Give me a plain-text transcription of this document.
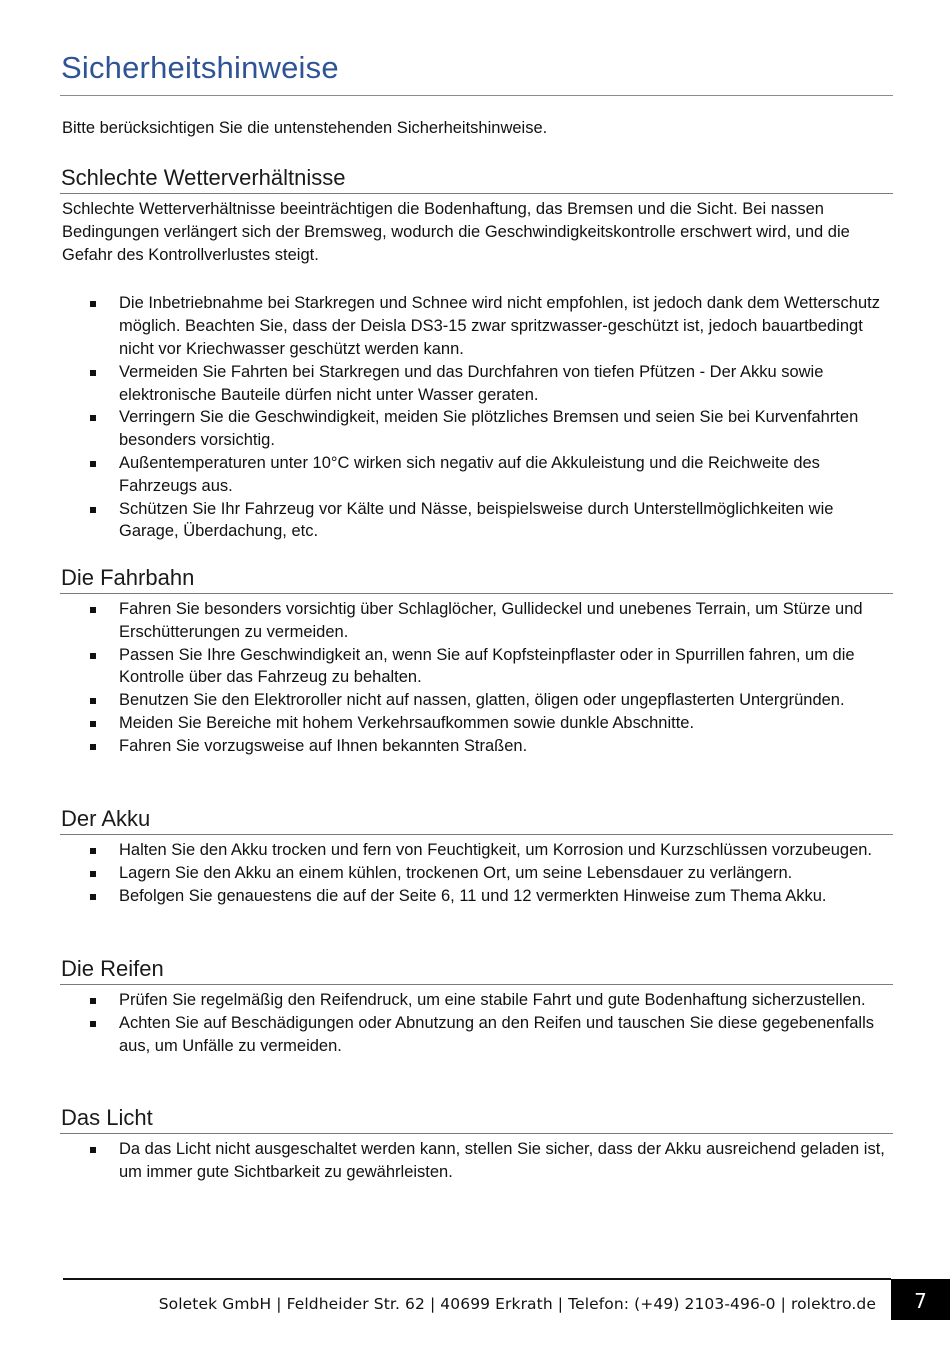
Sicherheitshinweise

Bitte berücksichtigen Sie die untenstehenden Sicherheitshinweise.

Schlechte Wetterverhältnisse

Schlechte Wetterverhältnisse beeinträchtigen die Bodenhaftung, das Bremsen und die Sicht. Bei nassen Bedingungen verlängert sich der Bremsweg, wodurch die Geschwindigkeitskontrolle erschwert wird, und die Gefahr des Kontrollverlustes steigt.

Die Inbetriebnahme bei Starkregen und Schnee wird nicht empfohlen, ist jedoch dank dem Wetterschutz möglich. Beachten Sie, dass der Deisla DS3-15 zwar spritzwasser-geschützt ist, jedoch bauartbedingt nicht vor Kriechwasser geschützt werden kann.
Vermeiden Sie Fahrten bei Starkregen und das Durchfahren von tiefen Pfützen - Der Akku sowie elektronische Bauteile dürfen nicht unter Wasser geraten.
Verringern Sie die Geschwindigkeit, meiden Sie plötzliches Bremsen und seien Sie bei Kurvenfahrten besonders vorsichtig.
Außentemperaturen unter 10°C wirken sich negativ auf die Akkuleistung und die Reichweite des Fahrzeugs aus.
Schützen Sie Ihr Fahrzeug vor Kälte und Nässe, beispielsweise durch Unterstellmöglichkeiten wie Garage, Überdachung, etc.
Die Fahrbahn
Fahren Sie besonders vorsichtig über Schlaglöcher, Gullideckel und unebenes Terrain, um Stürze und Erschütterungen zu vermeiden.
Passen Sie Ihre Geschwindigkeit an, wenn Sie auf Kopfsteinpflaster oder in Spurrillen fahren, um die Kontrolle über das Fahrzeug zu behalten.
Benutzen Sie den Elektroroller nicht auf nassen, glatten, öligen oder ungepflasterten Untergründen.
Meiden Sie Bereiche mit hohem Verkehrsaufkommen sowie dunkle Abschnitte.
Fahren Sie vorzugsweise auf Ihnen bekannten Straßen.
Der Akku
Halten Sie den Akku trocken und fern von Feuchtigkeit, um Korrosion und Kurzschlüssen vorzubeugen.
Lagern Sie den Akku an einem kühlen, trockenen Ort, um seine Lebensdauer zu verlängern.
Befolgen Sie genauestens die auf der Seite 6, 11 und 12 vermerkten Hinweise zum Thema Akku.
Die Reifen
Prüfen Sie regelmäßig den Reifendruck, um eine stabile Fahrt und gute Bodenhaftung sicherzustellen.
Achten Sie auf Beschädigungen oder Abnutzung an den Reifen und tauschen Sie diese gegebenenfalls aus, um Unfälle zu vermeiden.
Das Licht
Da das Licht nicht ausgeschaltet werden kann, stellen Sie sicher, dass der Akku ausreichend geladen ist, um immer gute Sichtbarkeit zu gewährleisten.
Soletek GmbH | Feldheider Str. 62 | 40699 Erkrath | Telefon: (+49) 2103-496-0 | rolektro.de	7
